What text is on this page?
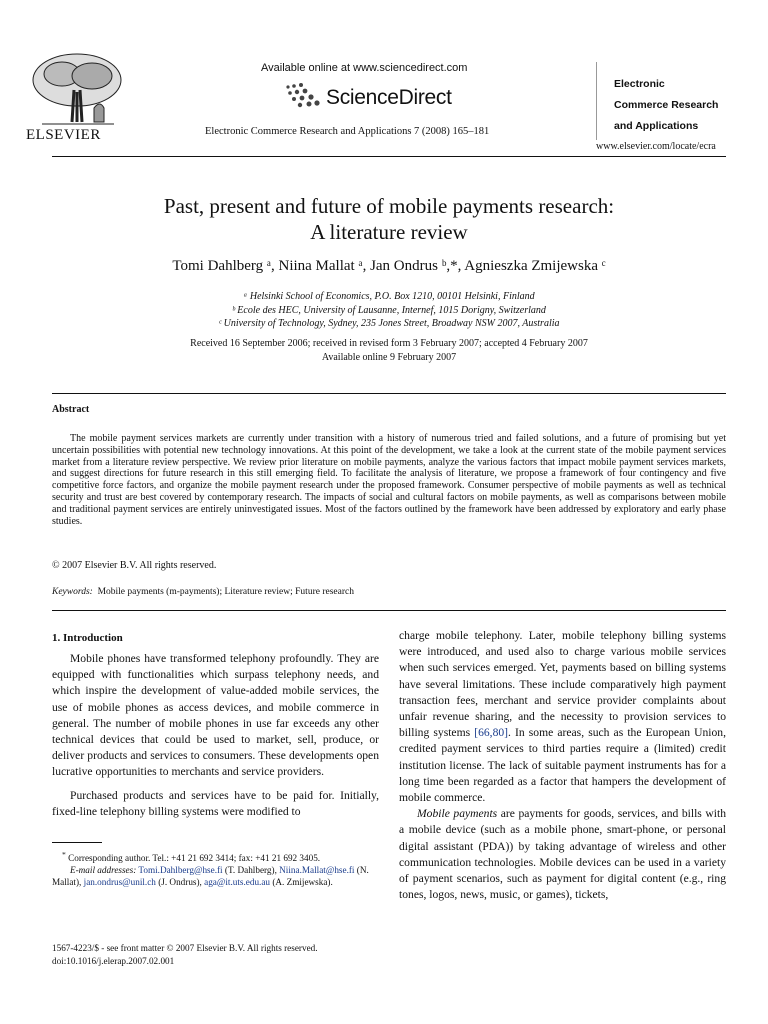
ELSEVIER
Available online at www.sciencedirect.com
ScienceDirect
Electronic Commerce Research and Applications 7 (2008) 165–181
Electronic
Commerce Research
and Applications
www.elsevier.com/locate/ecra
Past, present and future of mobile payments research:
A literature review
Tomi Dahlberg ᵃ, Niina Mallat ᵃ, Jan Ondrus ᵇ,*, Agnieszka Zmijewska ᶜ
ᵃ Helsinki School of Economics, P.O. Box 1210, 00101 Helsinki, Finland
ᵇ Ecole des HEC, University of Lausanne, Internef, 1015 Dorigny, Switzerland
ᶜ University of Technology, Sydney, 235 Jones Street, Broadway NSW 2007, Australia
Received 16 September 2006; received in revised form 3 February 2007; accepted 4 February 2007
Available online 9 February 2007
Abstract
The mobile payment services markets are currently under transition with a history of numerous tried and failed solutions, and a future of promising but yet uncertain possibilities with potential new technology innovations. At this point of the development, we take a look at the current state of the mobile payment services market from a literature review perspective. We review prior literature on mobile payments, analyze the various factors that impact mobile payment services markets, and suggest directions for future research in this still emerging field. To facilitate the analysis of literature, we propose a framework of four contingency and five competitive force factors, and organize the mobile payment research under the proposed framework. Consumer perspective of mobile payments as well as technical security and trust are best covered by contemporary research. The impacts of social and cultural factors on mobile payments, as well as comparisons between mobile and traditional payment services are entirely uninvestigated issues. Most of the factors outlined by the framework have been addressed by exploratory and early phase studies.
© 2007 Elsevier B.V. All rights reserved.
Keywords: Mobile payments (m-payments); Literature review; Future research
1. Introduction

Mobile phones have transformed telephony profoundly. They are equipped with functionalities which surpass telephony needs, and which inspire the development of value-added mobile services, the use of mobile phones as access devices, and mobile commerce in general. The number of mobile phones in use far exceeds any other technical devices that could be used to market, sell, produce, or deliver products and services to consumers. These developments open lucrative opportunities to merchants and service providers.

Purchased products and services have to be paid for. Initially, fixed-line telephony billing systems were modified to

charge mobile telephony. Later, mobile telephony billing systems were introduced, and used also to charge various mobile services when such services emerged. Yet, payments based on billing systems have several limitations. These include comparatively high payment transaction fees, merchant and service provider complaints about unfair revenue sharing, and the necessity to provision services to billing systems [66,80]. In some areas, such as the European Union, credited payment services to third parties require a (limited) credit institution license. The lack of suitable payment instruments has for a long time been regarded as a factor that hampers the development of mobile commerce.

Mobile payments are payments for goods, services, and bills with a mobile device (such as a mobile phone, smart-phone, or personal digital assistant (PDA)) by taking advantage of wireless and other communication technologies. Mobile devices can be used in a variety of payment scenarios, such as payment for digital content (e.g., ring tones, logos, news, music, or games), tickets,

* Corresponding author. Tel.: +41 21 692 3414; fax: +41 21 692 3405.
E-mail addresses: Tomi.Dahlberg@hse.fi (T. Dahlberg), Niina.Mallat@hse.fi (N. Mallat), jan.ondrus@unil.ch (J. Ondrus), aga@it.uts.edu.au (A. Zmijewska).
1567-4223/$ - see front matter © 2007 Elsevier B.V. All rights reserved.
doi:10.1016/j.elerap.2007.02.001
